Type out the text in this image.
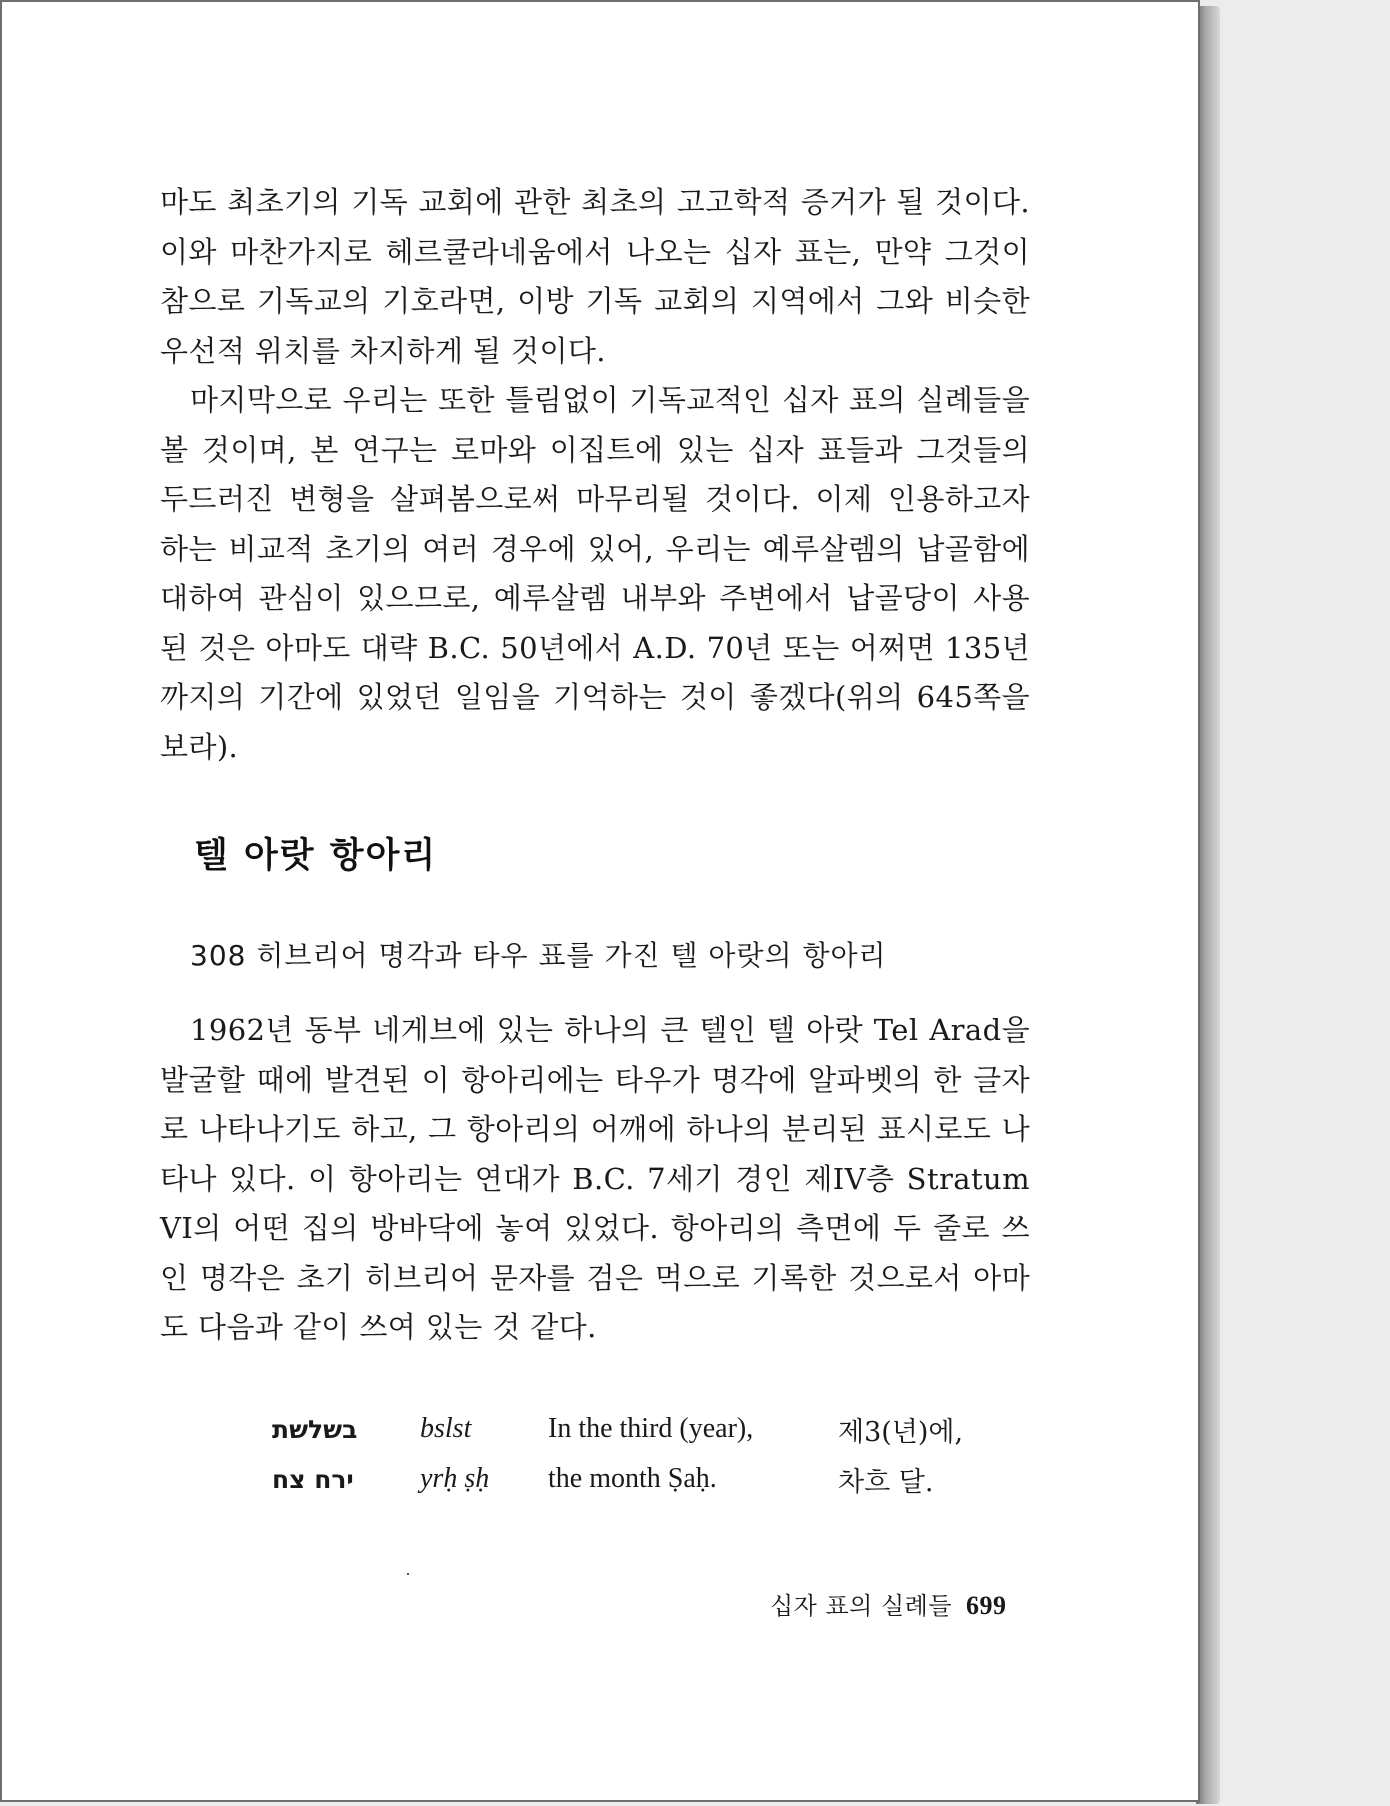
마도 최초기의 기독 교회에 관한 최초의 고고학적 증거가 될 것이다. 이와 마찬가지로 헤르쿨라네움에서 나오는 십자 표는, 만약 그것이 참으로 기독교의 기호라면, 이방 기독 교회의 지역에서 그와 비슷한 우선적 위치를 차지하게 될 것이다.

마지막으로 우리는 또한 틀림없이 기독교적인 십자 표의 실례들을 볼 것이며, 본 연구는 로마와 이집트에 있는 십자 표들과 그것들의 두드러진 변형을 살펴봄으로써 마무리될 것이다. 이제 인용하고자 하는 비교적 초기의 여러 경우에 있어, 우리는 예루살렘의 납골함에 대하여 관심이 있으므로, 예루살렘 내부와 주변에서 납골당이 사용된 것은 아마도 대략 B.C. 50년에서 A.D. 70년 또는 어쩌면 135년까지의 기간에 있었던 일임을 기억하는 것이 좋겠다(위의 645쪽을 보라).

텔 아랏 항아리

308 히브리어 명각과 타우 표를 가진 텔 아랏의 항아리

1962년 동부 네게브에 있는 하나의 큰 텔인 텔 아랏 Tel Arad을 발굴할 때에 발견된 이 항아리에는 타우가 명각에 알파벳의 한 글자로 나타나기도 하고, 그 항아리의 어깨에 하나의 분리된 표시로도 나타나 있다. 이 항아리는 연대가 B.C. 7세기 경인 제IV층 Stratum VI의 어떤 집의 방바닥에 놓여 있었다. 항아리의 측면에 두 줄로 쓰인 명각은 초기 히브리어 문자를 검은 먹으로 기록한 것으로서 아마도 다음과 같이 쓰여 있는 것 같다.

בשלשת	bslst	In the third (year),	제3(년)에,
ירח צח	yrḥ ṣḥ	the month Ṣaḥ.	차흐 달.
십자 표의 실례들 699
